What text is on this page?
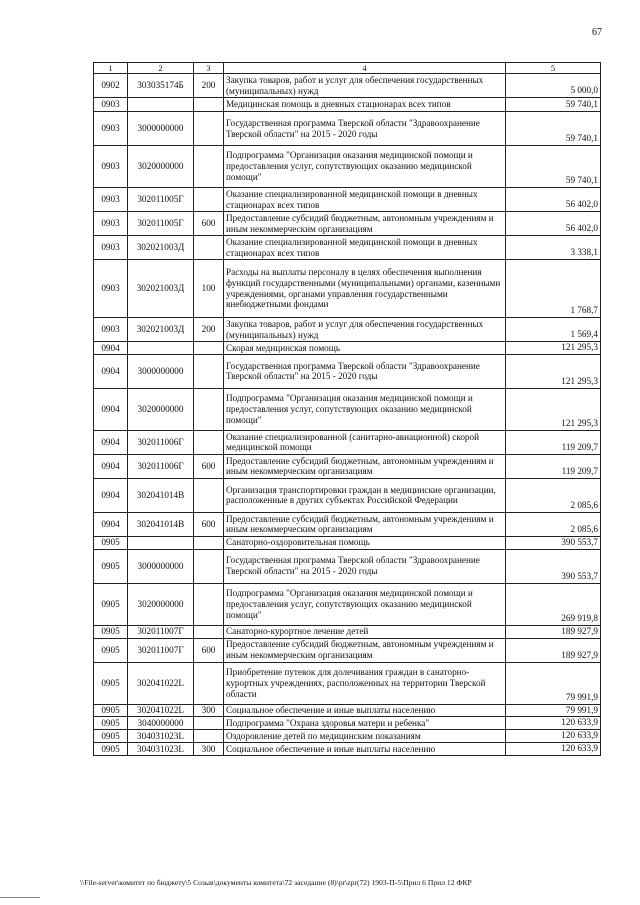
67
1	2	3	4	5
0902	303035174Б	200	Закупка товаров, работ и услуг для обеспечения государственных (муниципальных) нужд	5 000,0
0903			Медицинская помощь в дневных стационарах всех типов	59 740,1
0903	3000000000		Государственная программа Тверской области "Здравоохранение Тверской области" на 2015 - 2020 годы	59 740,1
0903	3020000000		Подпрограмма "Организация оказания медицинской помощи и предоставления услуг, сопутствующих оказанию медицинской помощи"	59 740,1
0903	302011005Г		Оказание специализированной медицинской помощи в дневных стационарах всех типов	56 402,0
0903	302011005Г	600	Предоставление субсидий бюджетным, автономным учреждениям и иным некоммерческим организациям	56 402,0
0903	302021003Д		Оказание специализированной медицинской помощи в дневных стационарах всех типов	3 338,1
0903	302021003Д	100	Расходы на выплаты персоналу в целях обеспечения выполнения функций государственными (муниципальными) органами, казенными учреждениями, органами управления государственными внебюджетными фондами	1 768,7
0903	302021003Д	200	Закупка товаров, работ и услуг для обеспечения государственных (муниципальных) нужд	1 569,4
0904			Скорая медицинская помощь	121 295,3
0904	3000000000		Государственная программа Тверской области "Здравоохранение Тверской области" на 2015 - 2020 годы	121 295,3
0904	3020000000		Подпрограмма "Организация оказания медицинской помощи и предоставления услуг, сопутствующих оказанию медицинской помощи"	121 295,3
0904	302011006Г		Оказание специализированной (санитарно-авиационной) скорой медицинской помощи	119 209,7
0904	302011006Г	600	Предоставление субсидий бюджетным, автономным учреждениям и иным некоммерческим организациям	119 209,7
0904	302041014В		Организация транспортировки граждан в медицинские организации, расположенные в других субъектах Российской Федерации	2 085,6
0904	302041014В	600	Предоставление субсидий бюджетным, автономным учреждениям и иным некоммерческим организациям	2 085,6
0905			Санаторно-оздоровительная помощь	390 553,7
0905	3000000000		Государственная программа Тверской области "Здравоохранение Тверской области" на 2015 - 2020 годы	390 553,7
0905	3020000000		Подпрограмма "Организация оказания медицинской помощи и предоставления услуг, сопутствующих оказанию медицинской помощи"	269 919,8
0905	302011007Г		Санаторно-курортное лечение детей	189 927,9
0905	302011007Г	600	Предоставление субсидий бюджетным, автономным учреждениям и иным некоммерческим организациям	189 927,9
0905	302041022L		Приобретение путевок для долечивания граждан в санаторно-курортных учреждениях, расположенных на территории Тверской области	79 991,9
0905	302041022L	300	Социальное обеспечение и иные выплаты населению	79 991,9
0905	3040000000		Подпрограмма "Охрана здоровья матери и ребенка"	120 633,9
0905	304031023L		Оздоровление детей по медицинским показаниям	120 633,9
0905	304031023L	300	Социальное обеспечение и иные выплаты населению	120 633,9
\\File-server\комитет по бюджету\5 Созыв\документы комитета\72 заседание (8)\pr\zpr(72) 1903-П-5\Прил 6 Прил 12 ФКР
